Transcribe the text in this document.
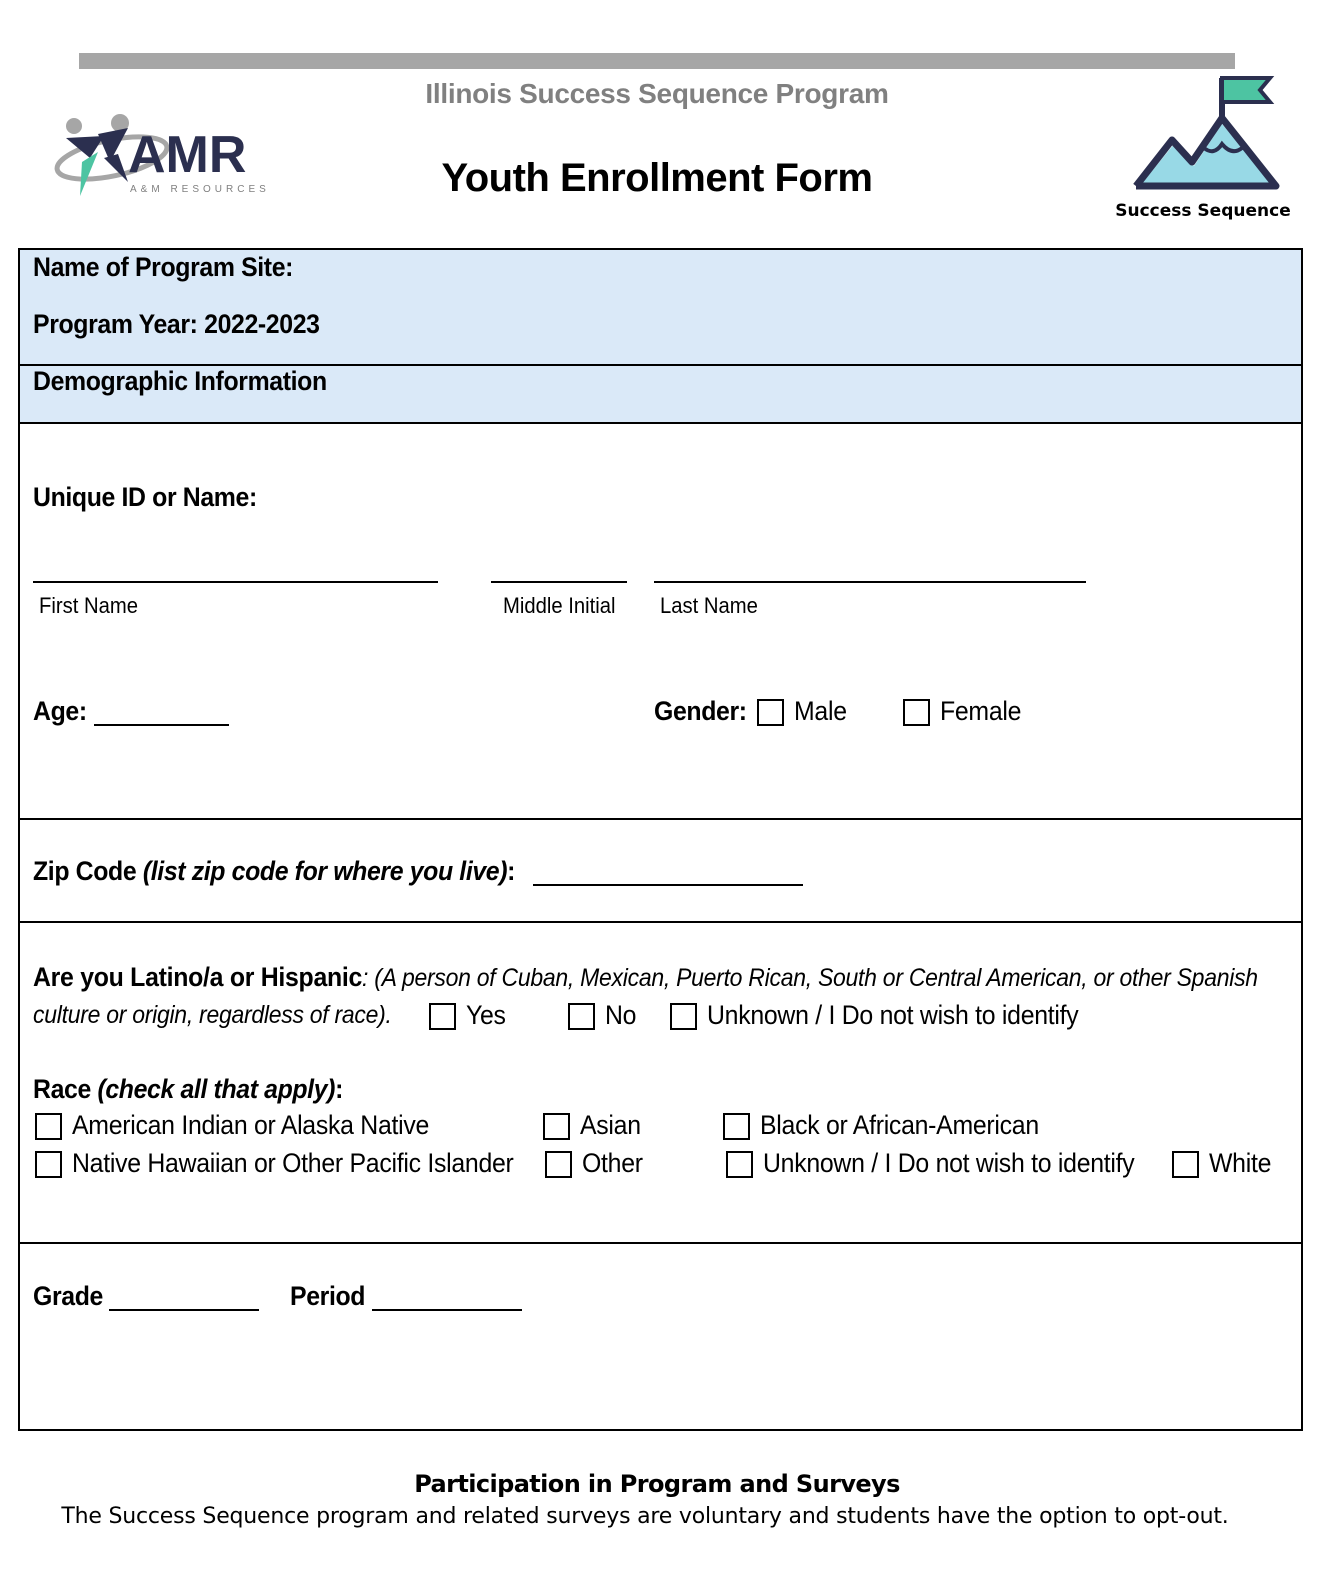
AMR
A&M RESOURCES
Illinois Success Sequence Program
Youth Enrollment Form
Success Sequence
Name of Program Site:
Program Year: 2022-2023
Demographic Information
Unique ID or Name:
First Name	Middle Initial Last Name
Age:	Gender: Male	Female
Zip Code (list zip code for where you live):
Are you Latino/a or Hispanic: (A person of Cuban, Mexican, Puerto Rican, South or Central American, or other Spanish
culture or origin, regardless of race).	Yes	No	Unknown / I Do not wish to identify
Race (check all that apply):
American Indian or Alaska Native	Asian	Black or African-American
Native Hawaiian or Other Pacific Islander	Other	Unknown / I Do not wish to identify	White
Grade	Period
Participation in Program and Surveys
The Success Sequence program and related surveys are voluntary and students have the option to opt-out.
